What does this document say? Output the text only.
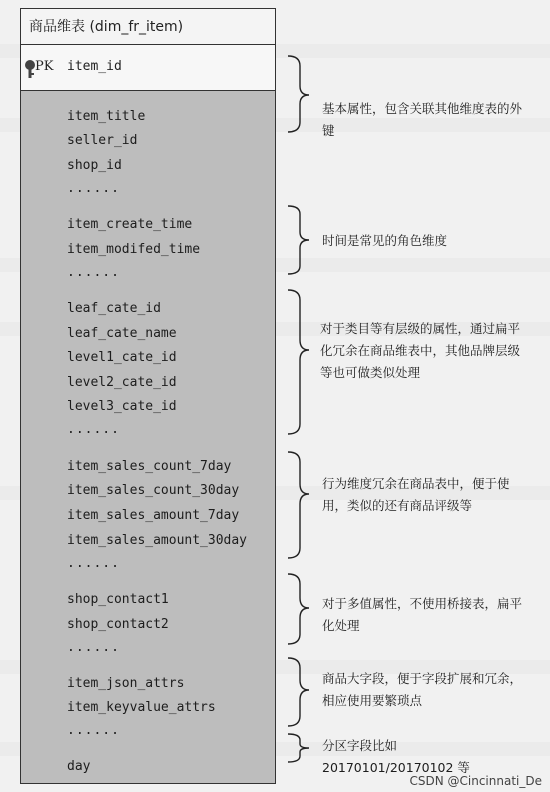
商品维表 (dim_fr_item)
PK item_id
item_title
seller_id
shop_id
......
item_create_time
item_modifed_time
......
leaf_cate_id
leaf_cate_name
level1_cate_id
level2_cate_id
level3_cate_id
......
item_sales_count_7day
item_sales_count_30day
item_sales_amount_7day
item_sales_amount_30day
......
shop_contact1
shop_contact2
......
item_json_attrs
item_keyvalue_attrs
......
day
基本属性，包含关联其他维度表的外键
时间是常见的角色维度
对于类目等有层级的属性，通过扁平化冗余在商品维表中，其他品牌层级等也可做类似处理
行为维度冗余在商品表中，便于使用，类似的还有商品评级等
对于多值属性，不使用桥接表，扁平化处理
商品大字段，便于字段扩展和冗余，相应使用要繁琐点
分区字段比如 20170101/20170102 等
CSDN @Cincinnati_De
